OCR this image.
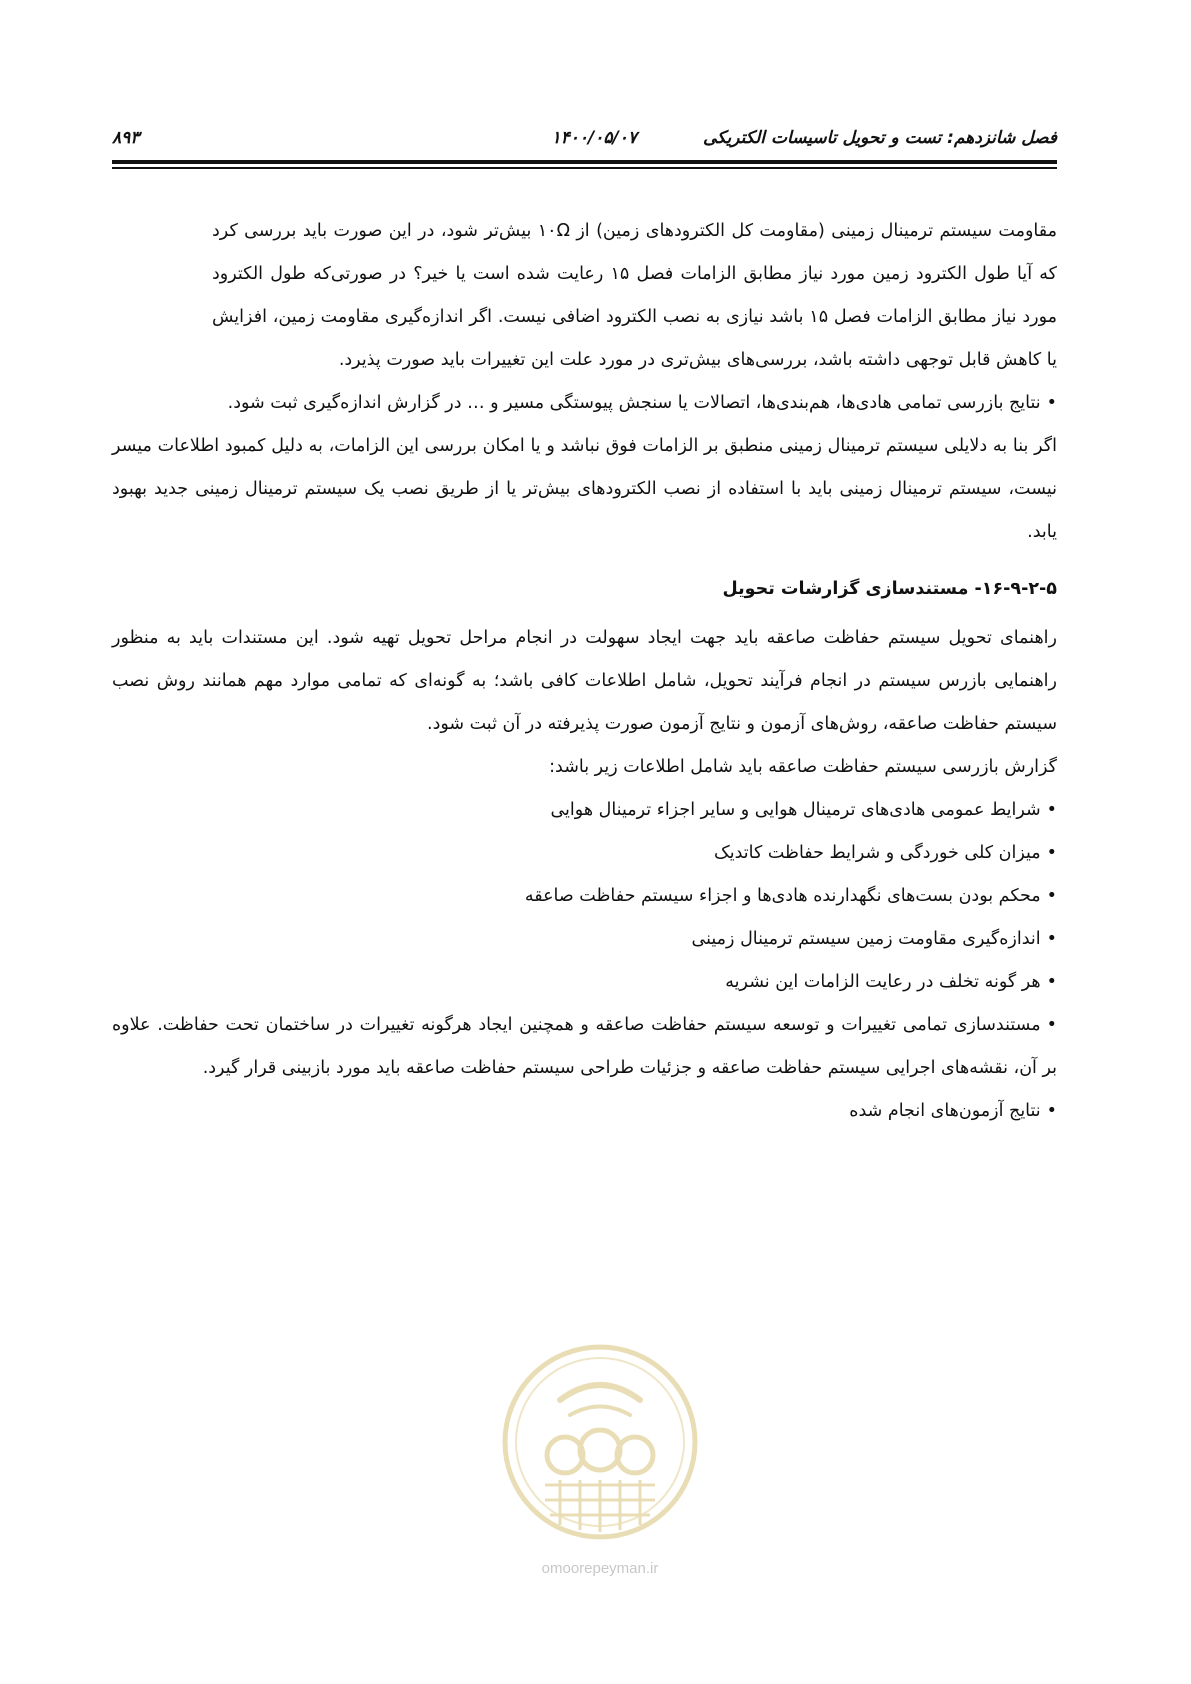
فصل شانزدهم: تست و تحویل تاسیسات الکتریکی
۱۴۰۰/۰۵/۰۷
۸۹۳

مقاومت سیستم ترمینال زمینی (مقاومت کل الکترودهای زمین) از ۱۰Ω بیش‌تر شود، در این صورت باید بررسی کرد که آیا طول الکترود زمین مورد نیاز مطابق الزامات فصل ۱۵ رعایت شده است یا خیر؟ در صورتی‌که طول الکترود مورد نیاز مطابق الزامات فصل ۱۵ باشد نیازی به نصب الکترود اضافی نیست. اگر اندازه‌گیری مقاومت زمین، افزایش یا کاهش قابل توجهی داشته باشد، بررسی‌های بیش‌تری در مورد علت این تغییرات باید صورت پذیرد.

• نتایج بازرسی تمامی هادی‌ها، هم‌بندی‌ها، اتصالات یا سنجش پیوستگی مسیر و … در گزارش اندازه‌گیری ثبت شود.

اگر بنا به دلایلی سیستم ترمینال زمینی منطبق بر الزامات فوق نباشد و یا امکان بررسی این الزامات، به دلیل کمبود اطلاعات میسر نیست، سیستم ترمینال زمینی باید با استفاده از نصب الکترودهای بیش‌تر یا از طریق نصب یک سیستم ترمینال زمینی جدید بهبود یابد.

۱۶-۹-۲-۵- مستندسازی گزارشات تحویل

راهنمای تحویل سیستم حفاظت صاعقه باید جهت ایجاد سهولت در انجام مراحل تحویل تهیه شود. این مستندات باید به منظور راهنمایی بازرس سیستم در انجام فرآیند تحویل، شامل اطلاعات کافی باشد؛ به گونه‌ای که تمامی موارد مهم همانند روش نصب سیستم حفاظت صاعقه، روش‌های آزمون و نتایج آزمون صورت پذیرفته در آن ثبت شود.

گزارش بازرسی سیستم حفاظت صاعقه باید شامل اطلاعات زیر باشد:

• شرایط عمومی هادی‌های ترمینال هوایی و سایر اجزاء ترمینال هوایی

• میزان کلی خوردگی و شرایط حفاظت کاتدیک

• محکم بودن بست‌های نگهدارنده هادی‌ها و اجزاء سیستم حفاظت صاعقه

• اندازه‌گیری مقاومت زمین سیستم ترمینال زمینی

• هر گونه تخلف در رعایت الزامات این نشریه

• مستندسازی تمامی تغییرات و توسعه سیستم حفاظت صاعقه و همچنین ایجاد هرگونه تغییرات در ساختمان تحت حفاظت. علاوه بر آن، نقشه‌های اجرایی سیستم حفاظت صاعقه و جزئیات طراحی سیستم حفاظت صاعقه باید مورد بازبینی قرار گیرد.

• نتایج آزمون‌های انجام شده

omoorepeyman.ir
